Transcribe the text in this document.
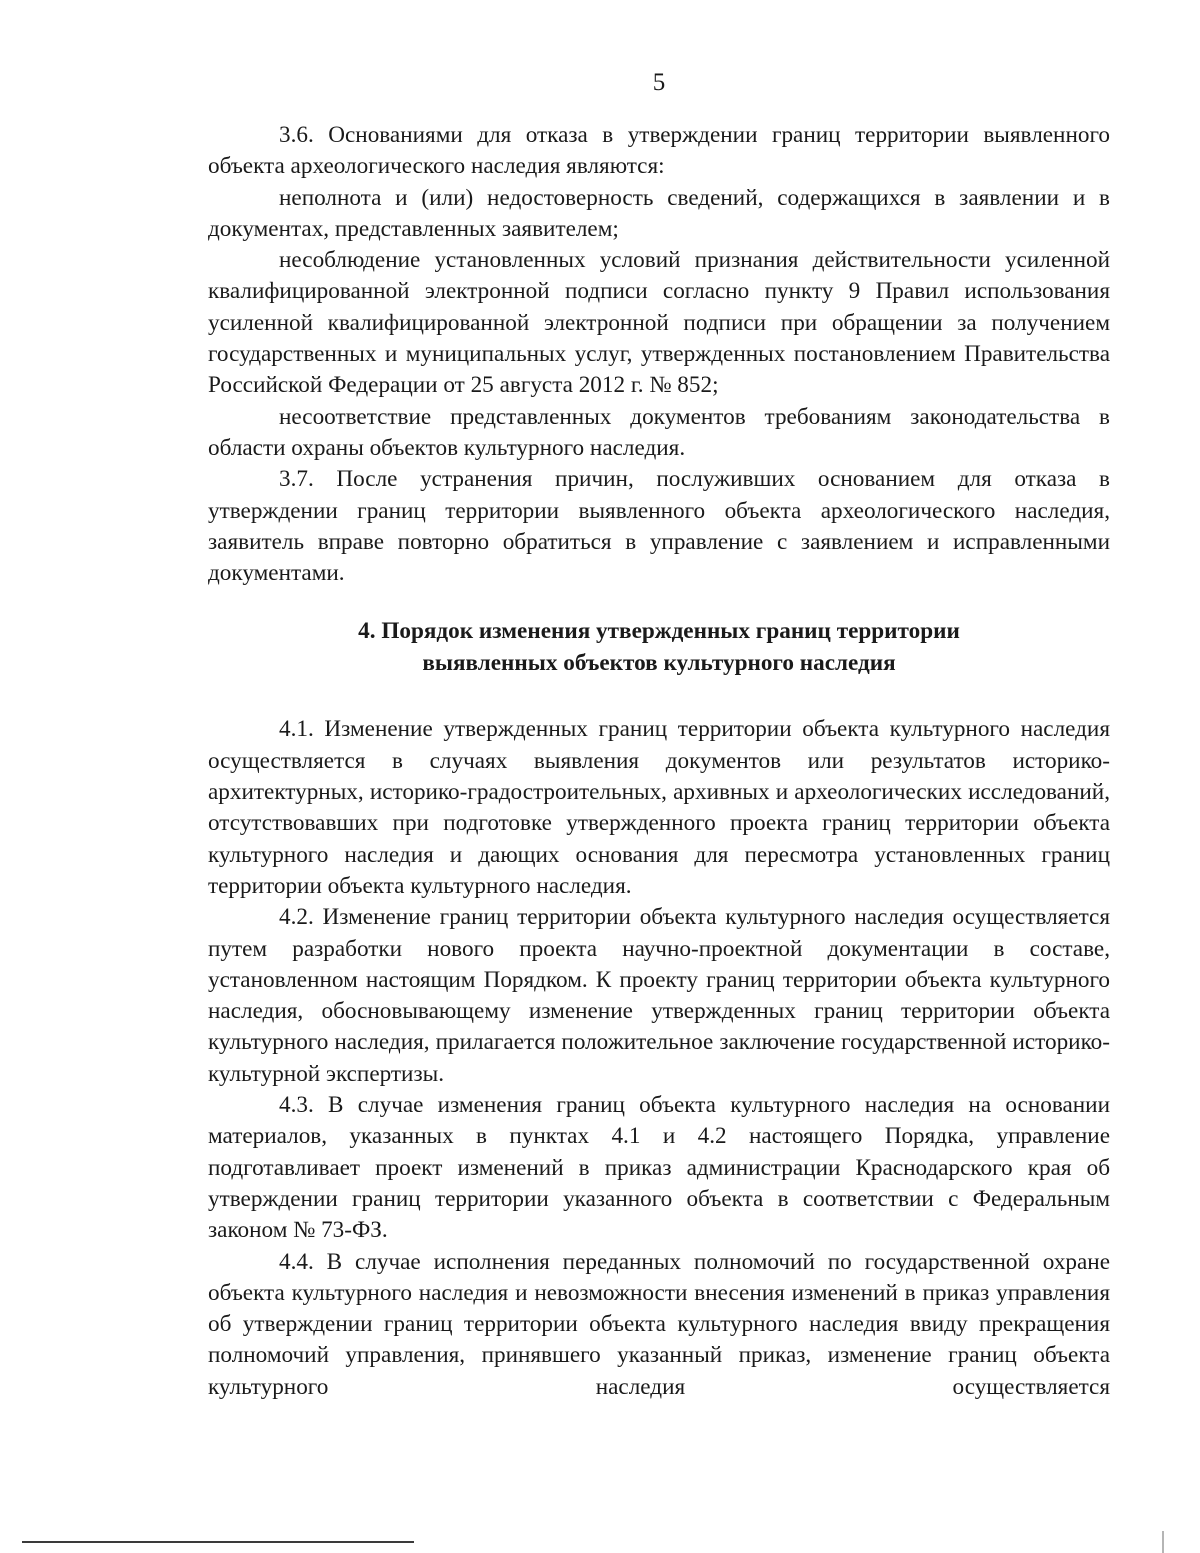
5

3.6. Основаниями для отказа в утверждении границ территории выявленного объекта археологического наследия являются:

неполнота и (или) недостоверность сведений, содержащихся в заявлении и в документах, представленных заявителем;

несоблюдение установленных условий признания действительности усиленной квалифицированной электронной подписи согласно пункту 9 Правил использования усиленной квалифицированной электронной подписи при обращении за получением государственных и муниципальных услуг, утвержденных постановлением Правительства Российской Федерации от 25 августа 2012 г. № 852;

несоответствие представленных документов требованиям законодательства в области охраны объектов культурного наследия.

3.7. После устранения причин, послуживших основанием для отказа в утверждении границ территории выявленного объекта археологического наследия, заявитель вправе повторно обратиться в управление с заявлением и исправленными документами.

4. Порядок изменения утвержденных границ территории
выявленных объектов культурного наследия

4.1. Изменение утвержденных границ территории объекта культурного наследия осуществляется в случаях выявления документов или результатов историко-архитектурных, историко-градостроительных, архивных и археологических исследований, отсутствовавших при подготовке утвержденного проекта границ территории объекта культурного наследия и дающих основания для пересмотра установленных границ территории объекта культурного наследия.

4.2. Изменение границ территории объекта культурного наследия осуществляется путем разработки нового проекта научно-проектной документации в составе, установленном настоящим Порядком. К проекту границ территории объекта культурного наследия, обосновывающему изменение утвержденных границ территории объекта культурного наследия, прилагается положительное заключение государственной историко-культурной экспертизы.

4.3. В случае изменения границ объекта культурного наследия на основании материалов, указанных в пунктах 4.1 и 4.2 настоящего Порядка, управление подготавливает проект изменений в приказ администрации Краснодарского края об утверждении границ территории указанного объекта в соответствии с Федеральным законом № 73-ФЗ.

4.4. В случае исполнения переданных полномочий по государственной охране объекта культурного наследия и невозможности внесения изменений в приказ управления об утверждении границ территории объекта культурного наследия ввиду прекращения полномочий управления, принявшего указанный приказ, изменение границ объекта культурного наследия осуществляется
